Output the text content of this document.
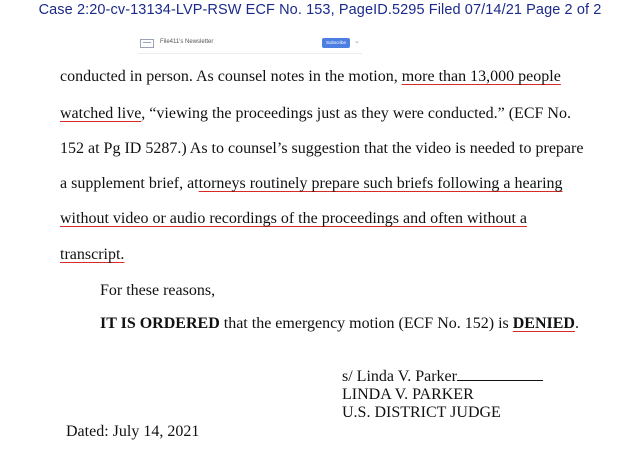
Case 2:20-cv-13134-LVP-RSW ECF No. 153, PageID.5295 Filed 07/14/21 Page 2 of 2
File411's Newsletter	Subscribe	⌄
conducted in person. As counsel notes in the motion, more than 13,000 people
watched live, “viewing the proceedings just as they were conducted.” (ECF No.
152 at Pg ID 5287.) As to counsel’s suggestion that the video is needed to prepare
a supplement brief, attorneys routinely prepare such briefs following a hearing
without video or audio recordings of the proceedings and often without a
transcript.
For these reasons,
IT IS ORDERED that the emergency motion (ECF No. 152) is DENIED.
s/ Linda V. Parker
LINDA V. PARKER
U.S. DISTRICT JUDGE
Dated: July 14, 2021
